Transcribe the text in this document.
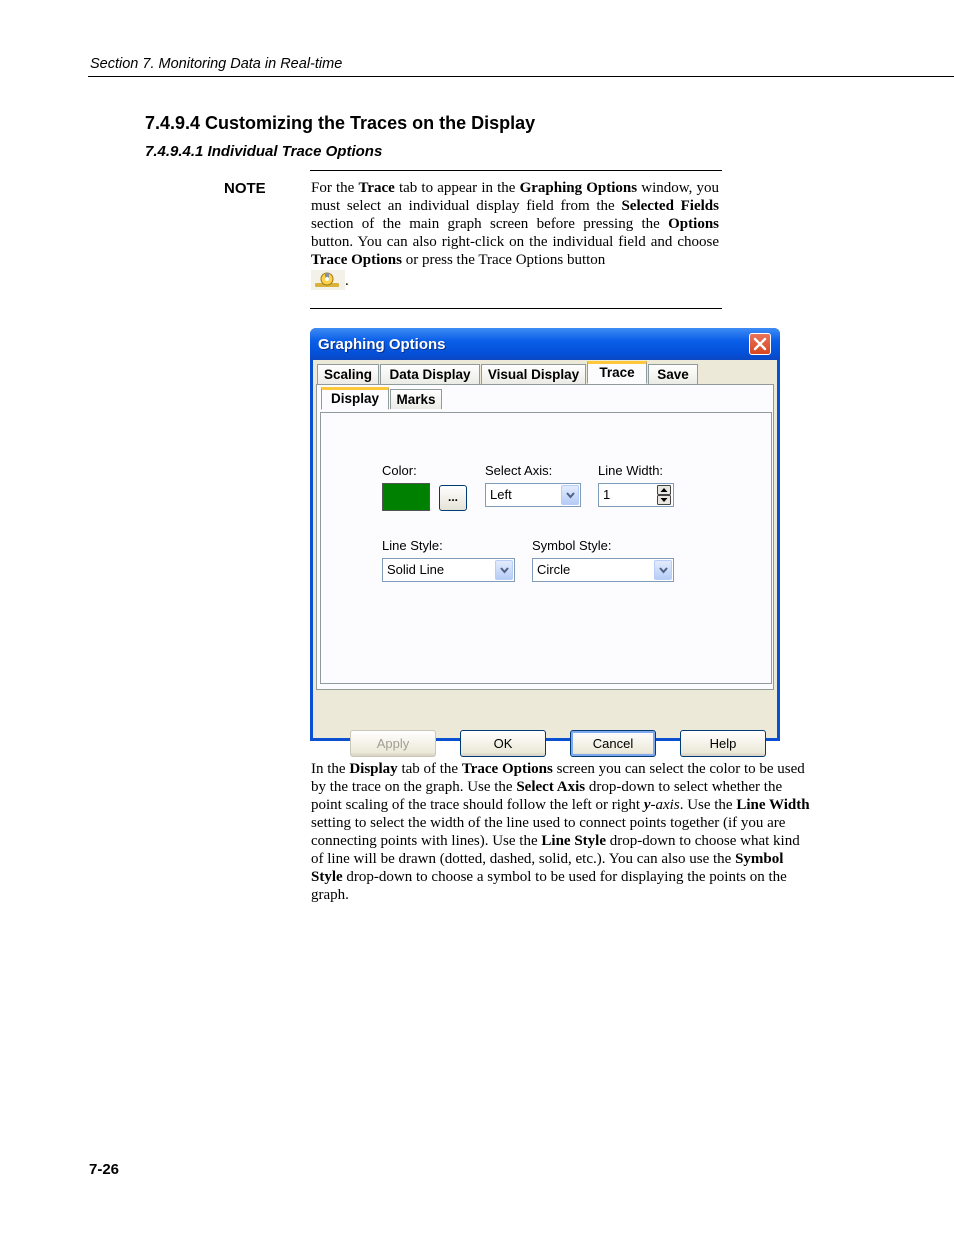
Section 7. Monitoring Data in Real-time
7.4.9.4 Customizing the Traces on the Display
7.4.9.4.1 Individual Trace Options
NOTE	For the Trace tab to appear in the Graphing Options window, you must select an individual display field from the Selected Fields section of the main graph screen before pressing the Options button. You can also right-click on the individual field and choose Trace Options or press the Trace Options button
.
Graphing Options
Scaling	Data Display	Visual Display	Save
Marks
Color:
...
Select Axis:
Left
Line Width:
1
Line Style:
Solid Line
Symbol Style:
Circle
Display
Trace
Apply	OK	Cancel	Help
In the Display tab of the Trace Options screen you can select the color to be used by the trace on the graph. Use the Select Axis drop-down to select whether the point scaling of the trace should follow the left or right y-axis. Use the Line Width setting to select the width of the line used to connect points together (if you are connecting points with lines). Use the Line Style drop-down to choose what kind of line will be drawn (dotted, dashed, solid, etc.). You can also use the Symbol Style drop-down to choose a symbol to be used for displaying the points on the graph.
7-26
